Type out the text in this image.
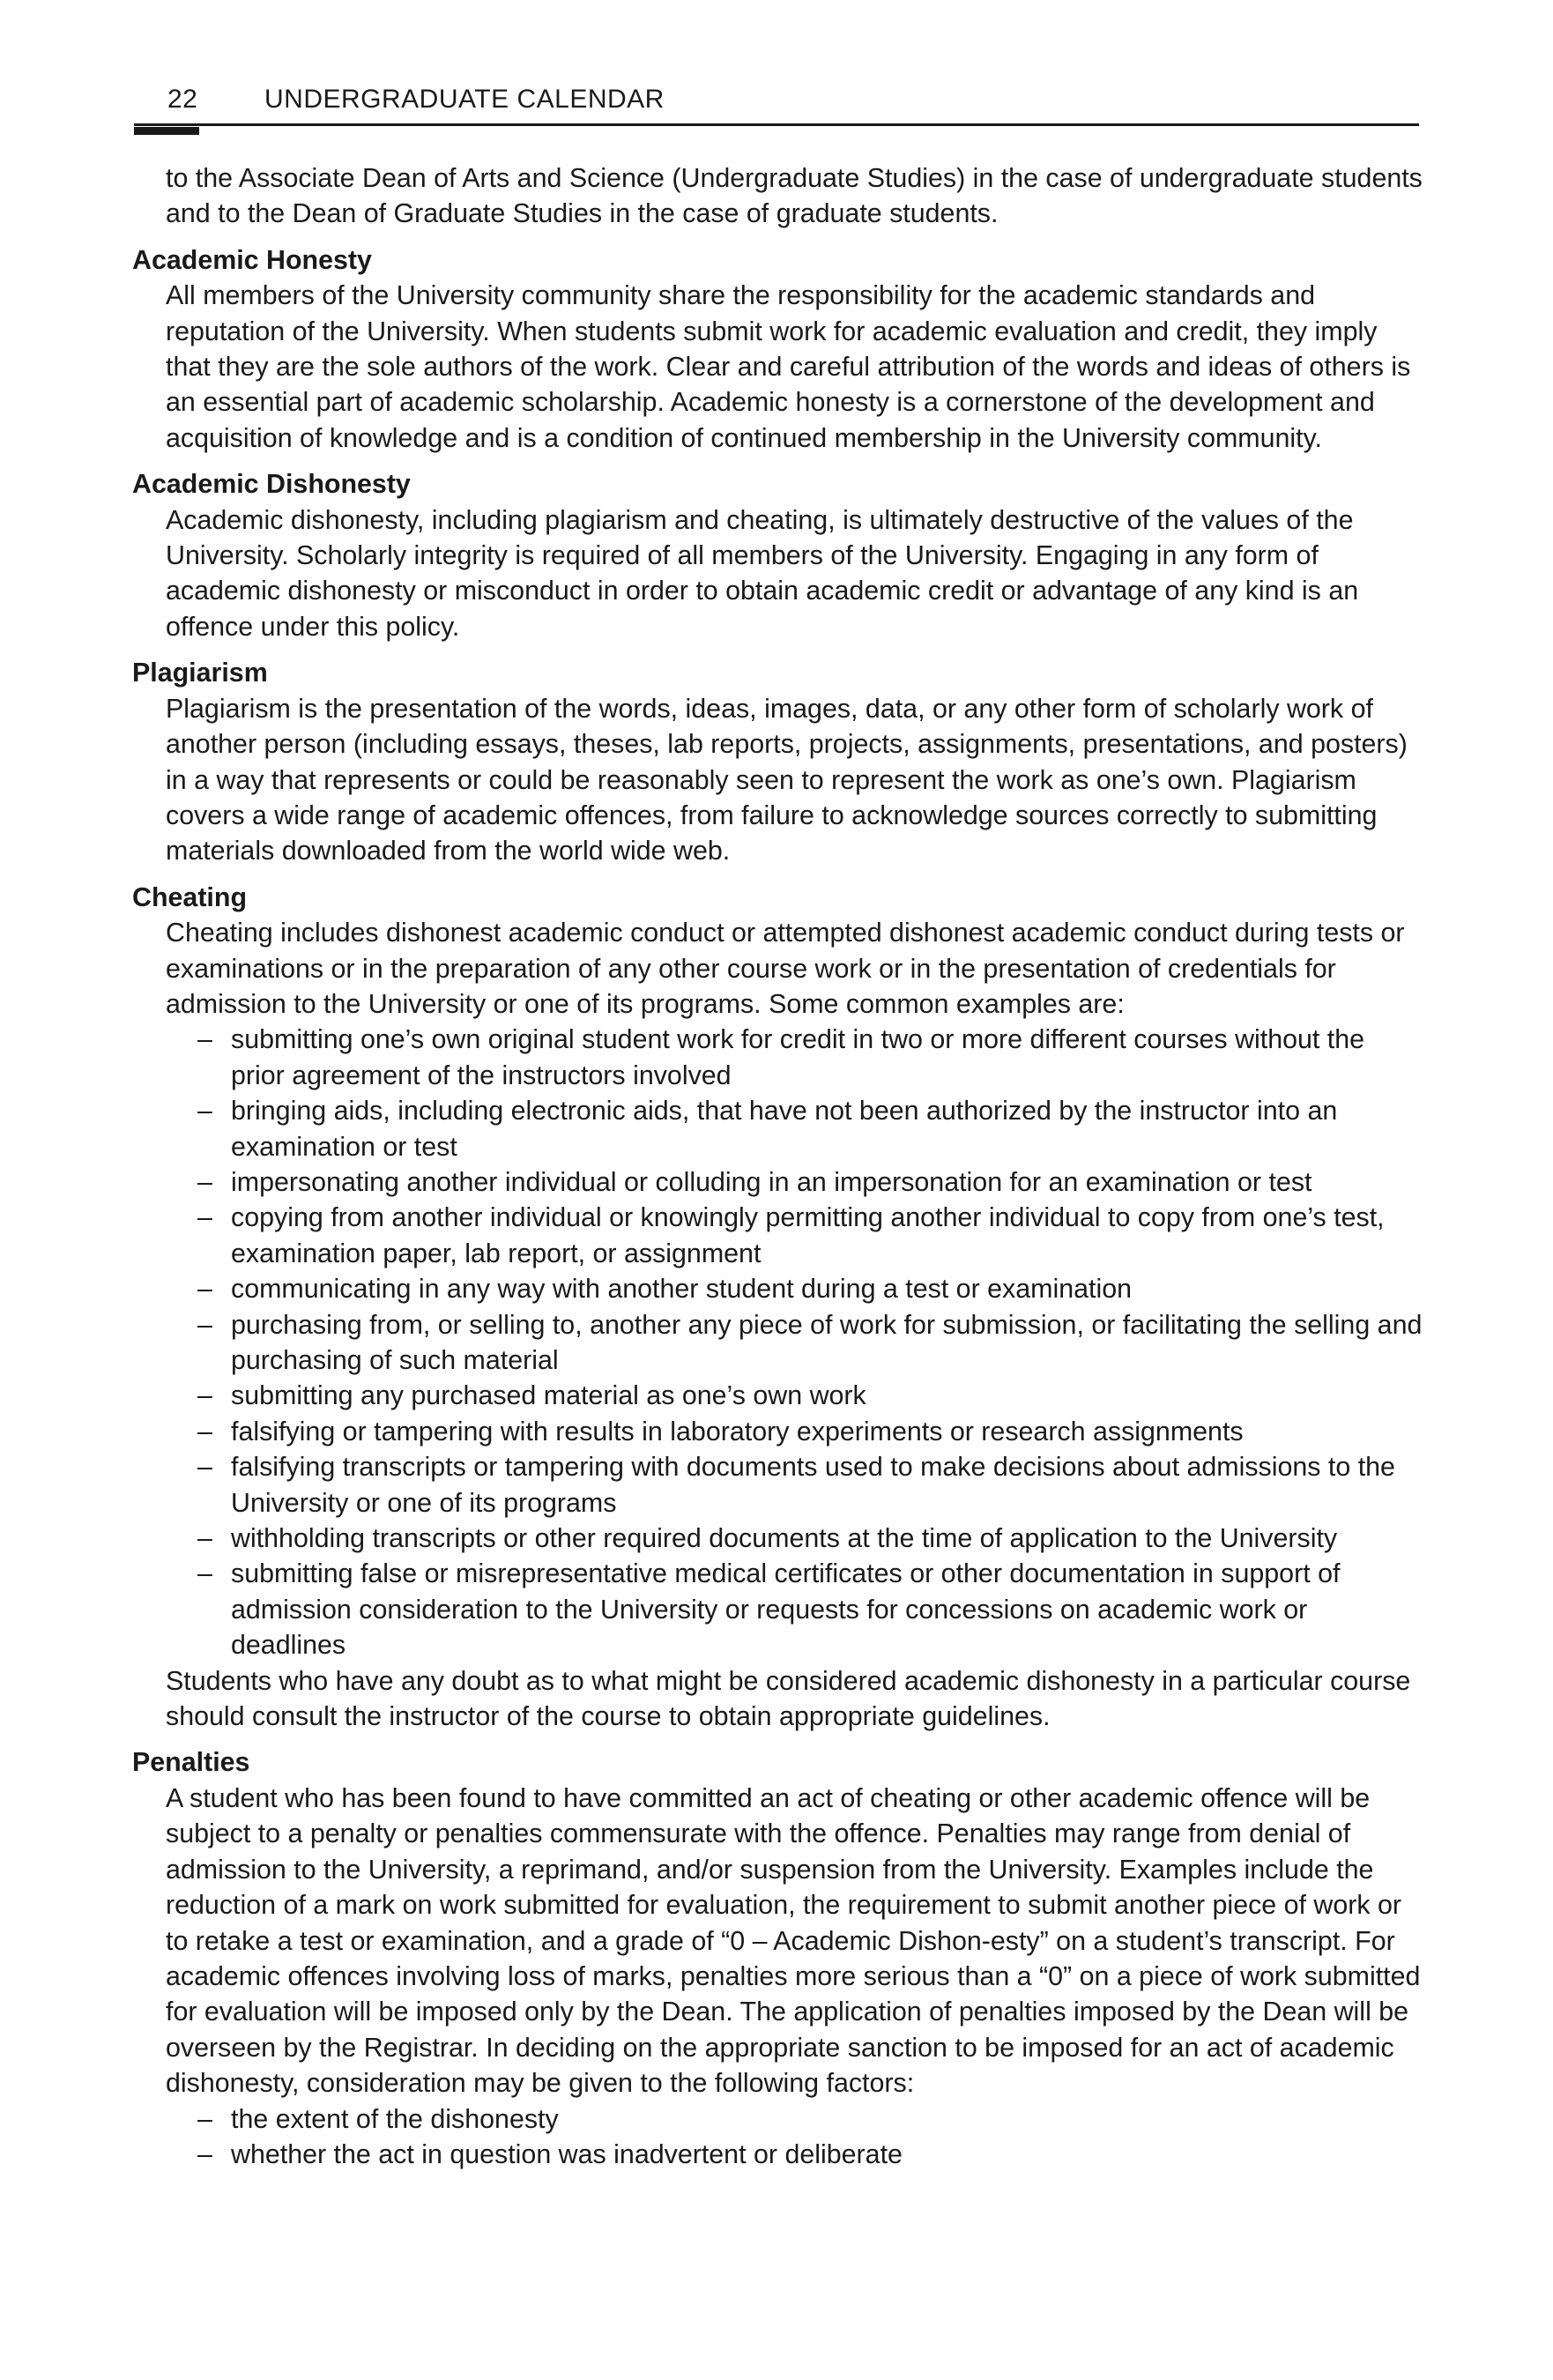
22	UNDERGRADUATE CALENDAR
to the Associate Dean of Arts and Science (Undergraduate Studies) in the case of undergraduate students and to the Dean of Graduate Studies in the case of graduate students.
Academic Honesty
All members of the University community share the responsibility for the academic standards and reputation of the University. When students submit work for academic evaluation and credit, they imply that they are the sole authors of the work. Clear and careful attribution of the words and ideas of others is an essential part of academic scholarship. Academic honesty is a cornerstone of the development and acquisition of knowledge and is a condition of continued membership in the University community.
Academic Dishonesty
Academic dishonesty, including plagiarism and cheating, is ultimately destructive of the values of the University. Scholarly integrity is required of all members of the University. Engaging in any form of academic dishonesty or misconduct in order to obtain academic credit or advantage of any kind is an offence under this policy.
Plagiarism
Plagiarism is the presentation of the words, ideas, images, data, or any other form of scholarly work of another person (including essays, theses, lab reports, projects, assignments, presentations, and posters) in a way that represents or could be reasonably seen to represent the work as one’s own. Plagiarism covers a wide range of academic offences, from failure to acknowledge sources correctly to submitting materials downloaded from the world wide web.
Cheating
Cheating includes dishonest academic conduct or attempted dishonest academic conduct during tests or examinations or in the preparation of any other course work or in the presentation of credentials for admission to the University or one of its programs. Some common examples are:
– submitting one’s own original student work for credit in two or more different courses without the prior agreement of the instructors involved
– bringing aids, including electronic aids, that have not been authorized by the instructor into an examination or test
– impersonating another individual or colluding in an impersonation for an examination or test
– copying from another individual or knowingly permitting another individual to copy from one’s test, examination paper, lab report, or assignment
– communicating in any way with another student during a test or examination
– purchasing from, or selling to, another any piece of work for submission, or facilitating the selling and purchasing of such material
– submitting any purchased material as one’s own work
– falsifying or tampering with results in laboratory experiments or research assignments
– falsifying transcripts or tampering with documents used to make decisions about admissions to the University or one of its programs
– withholding transcripts or other required documents at the time of application to the University
– submitting false or misrepresentative medical certificates or other documentation in support of admission consideration to the University or requests for concessions on academic work or deadlines
Students who have any doubt as to what might be considered academic dishonesty in a particular course should consult the instructor of the course to obtain appropriate guidelines.
Penalties
A student who has been found to have committed an act of cheating or other academic offence will be subject to a penalty or penalties commensurate with the offence. Penalties may range from denial of admission to the University, a reprimand, and/or suspension from the University. Examples include the reduction of a mark on work submitted for evaluation, the requirement to submit another piece of work or to retake a test or examination, and a grade of “0 – Academic Dishon-esty” on a student’s transcript. For academic offences involving loss of marks, penalties more serious than a “0” on a piece of work submitted for evaluation will be imposed only by the Dean. The application of penalties imposed by the Dean will be overseen by the Registrar. In deciding on the appropriate sanction to be imposed for an act of academic dishonesty, consideration may be given to the following factors:
– the extent of the dishonesty
– whether the act in question was inadvertent or deliberate
